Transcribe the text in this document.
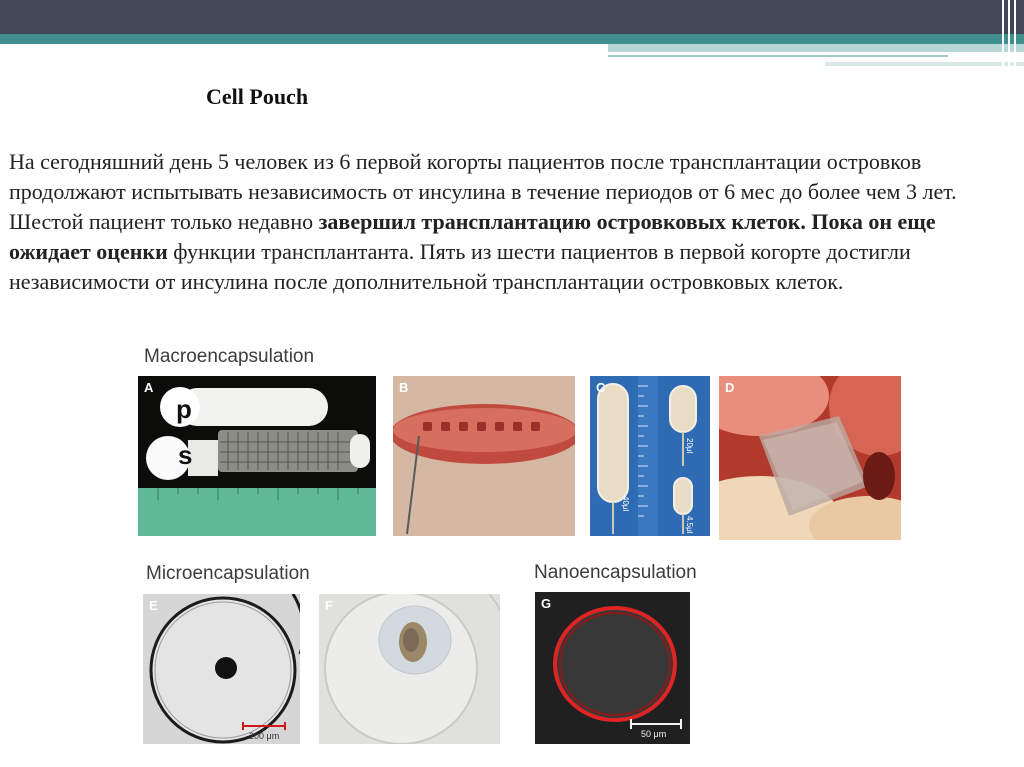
Cell Pouch
На сегодняшний день 5 человек из 6 первой когорты пациентов после трансплантации островков продолжают испытывать независимость от инсулина в течение периодов от 6 мес до более чем 3 лет. Шестой пациент только недавно завершил трансплантацию островковых клеток. Пока он еще ожидает оценки функции трансплантанта. Пять из шести пациентов в первой когорте достигли независимости от инсулина после дополнительной трансплантации островковых клеток.
Macroencapsulation
A
p
s
B	C
20μl
40μl
4.5μl
D
Microencapsulation	Nanoencapsulation
E
200 μm
F	G
50 μm
